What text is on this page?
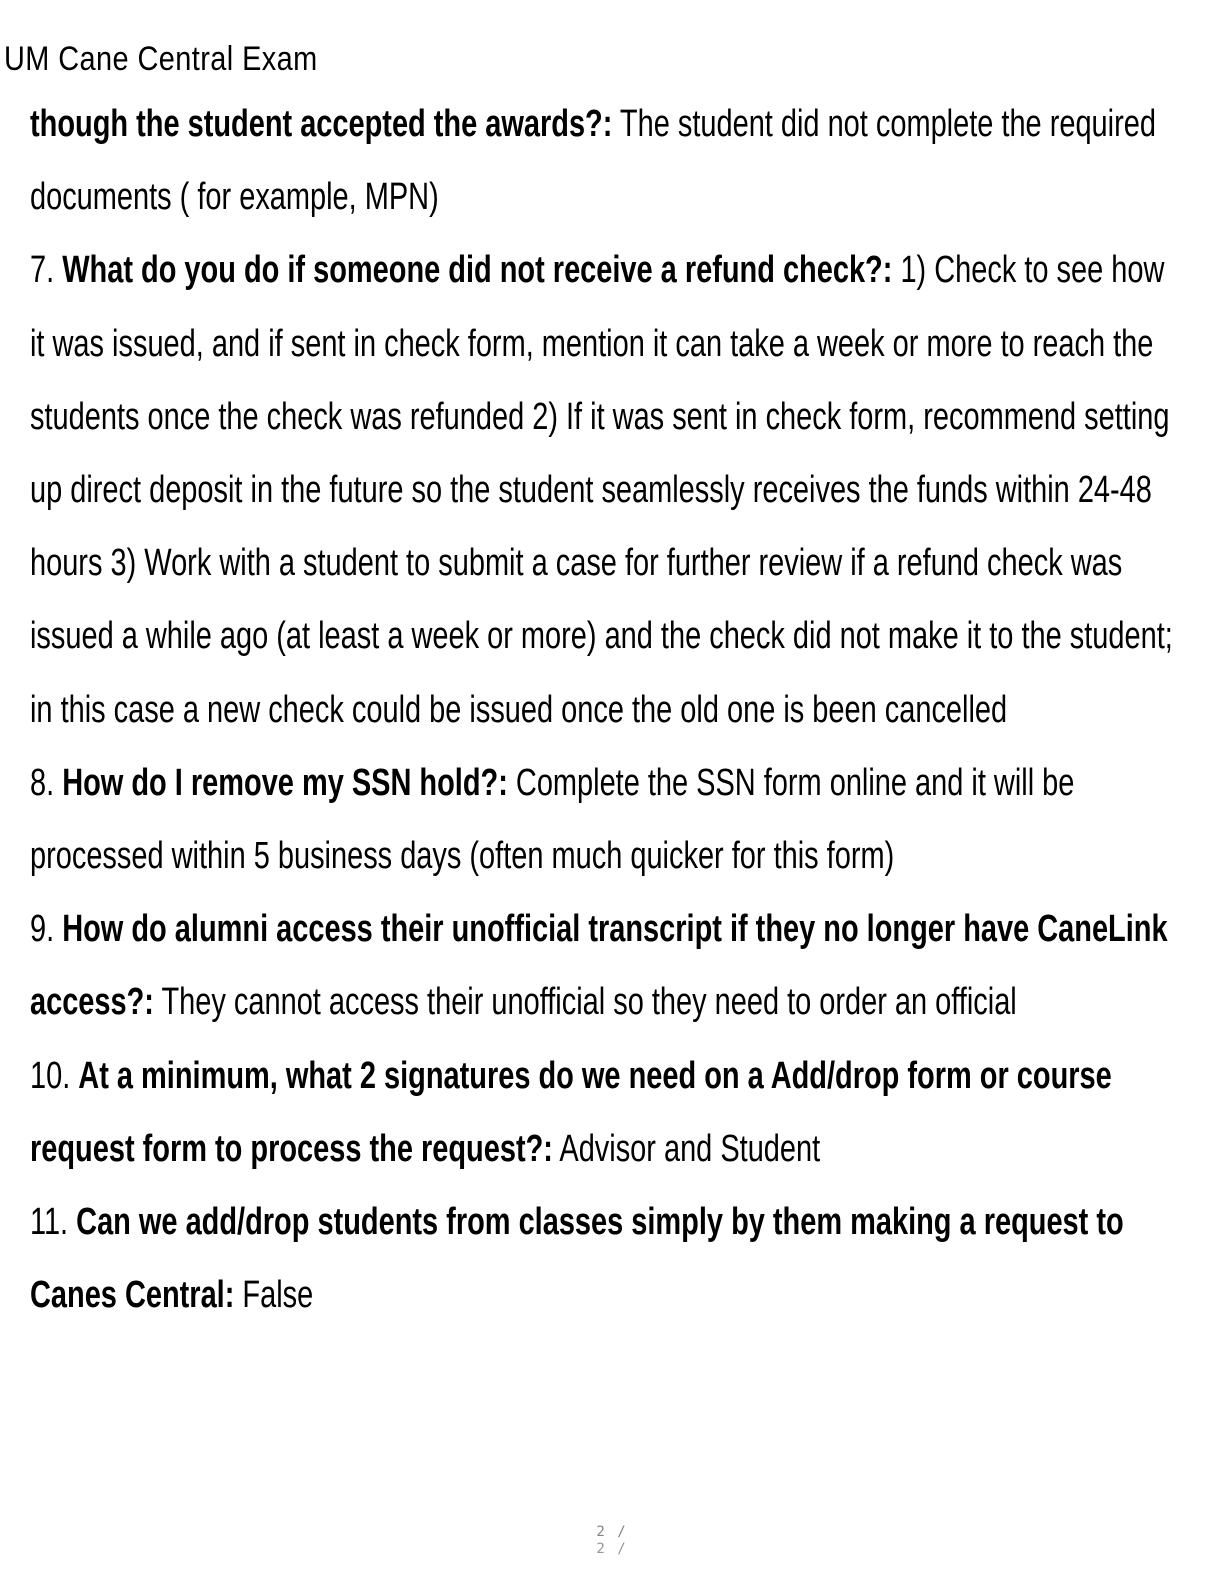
UM Cane Central Exam

though the student accepted the awards?: The student did not complete the required documents ( for example, MPN)

7. What do you do if someone did not receive a refund check?: 1) Check to see how it was issued, and if sent in check form, mention it can take a week or more to reach the students once the check was refunded 2) If it was sent in check form, recommend setting up direct deposit in the future so the student seamlessly receives the funds within 24-48 hours 3) Work with a student to submit a case for further review if a refund check was issued a while ago (at least a week or more) and the check did not make it to the student; in this case a new check could be issued once the old one is been cancelled

8. How do I remove my SSN hold?: Complete the SSN form online and it will be processed within 5 business days (often much quicker for this form)

9. How do alumni access their unofficial transcript if they no longer have CaneLink access?: They cannot access their unofficial so they need to order an official

10. At a minimum, what 2 signatures do we need on a Add/drop form or course request form to process the request?: Advisor and Student

11. Can we add/drop students from classes simply by them making a request to Canes Central: False

2 /
2 /
